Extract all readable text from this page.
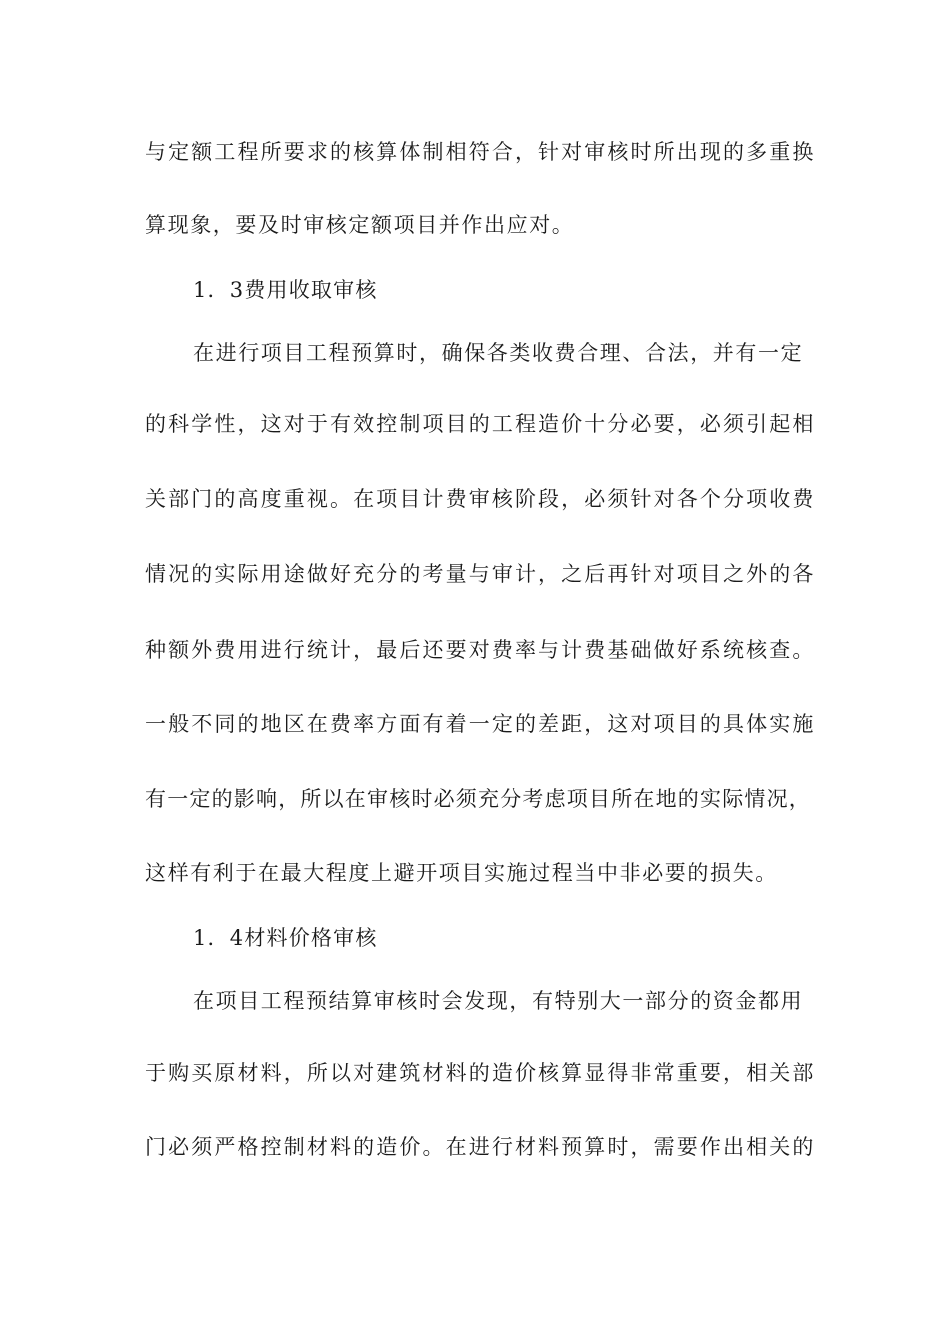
与定额工程所要求的核算体制相符合，针对审核时所出现的多重换
算现象，要及时审核定额项目并作出应对。
1．3费用收取审核
在进行项目工程预算时，确保各类收费合理、合法，并有一定
的科学性，这对于有效控制项目的工程造价十分必要，必须引起相
关部门的高度重视。在项目计费审核阶段，必须针对各个分项收费
情况的实际用途做好充分的考量与审计，之后再针对项目之外的各
种额外费用进行统计，最后还要对费率与计费基础做好系统核查。
一般不同的地区在费率方面有着一定的差距，这对项目的具体实施
有一定的影响，所以在审核时必须充分考虑项目所在地的实际情况，
这样有利于在最大程度上避开项目实施过程当中非必要的损失。
1．4材料价格审核
在项目工程预结算审核时会发现，有特别大一部分的资金都用
于购买原材料，所以对建筑材料的造价核算显得非常重要，相关部
门必须严格控制材料的造价。在进行材料预算时，需要作出相关的
